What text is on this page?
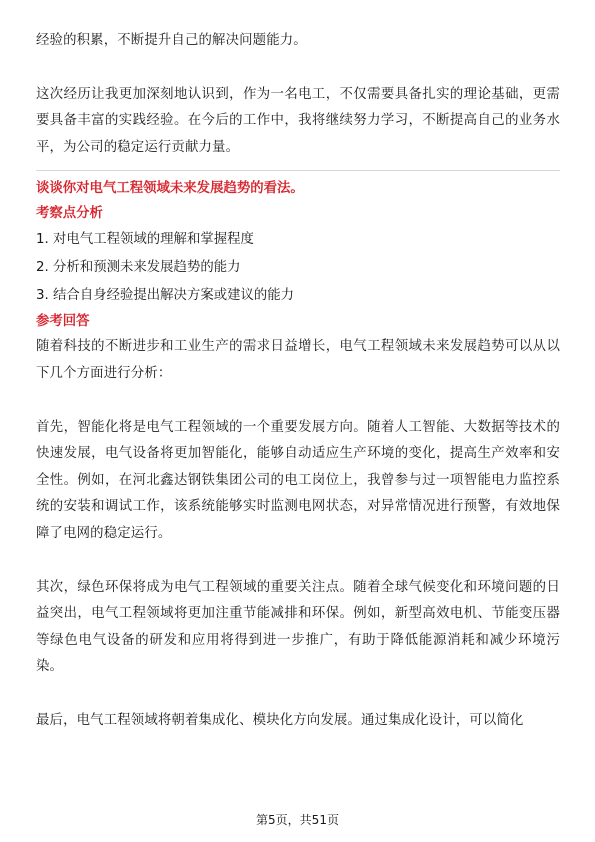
经验的积累，不断提升自己的解决问题能力。

这次经历让我更加深刻地认识到，作为一名电工，不仅需要具备扎实的理论基础，更需要具备丰富的实践经验。在今后的工作中，我将继续努力学习，不断提高自己的业务水平，为公司的稳定运行贡献力量。

谈谈你对电气工程领域未来发展趋势的看法。

考察点分析

1. 对电气工程领域的理解和掌握程度
2. 分析和预测未来发展趋势的能力
3. 结合自身经验提出解决方案或建议的能力

参考回答

随着科技的不断进步和工业生产的需求日益增长，电气工程领域未来发展趋势可以从以下几个方面进行分析：

首先，智能化将是电气工程领域的一个重要发展方向。随着人工智能、大数据等技术的快速发展，电气设备将更加智能化，能够自动适应生产环境的变化，提高生产效率和安全性。例如，在河北鑫达钢铁集团公司的电工岗位上，我曾参与过一项智能电力监控系统的安装和调试工作，该系统能够实时监测电网状态，对异常情况进行预警，有效地保障了电网的稳定运行。

其次，绿色环保将成为电气工程领域的重要关注点。随着全球气候变化和环境问题的日益突出，电气工程领域将更加注重节能减排和环保。例如，新型高效电机、节能变压器等绿色电气设备的研发和应用将得到进一步推广，有助于降低能源消耗和减少环境污染。

最后，电气工程领域将朝着集成化、模块化方向发展。通过集成化设计，可以简化

第5页，共51页
